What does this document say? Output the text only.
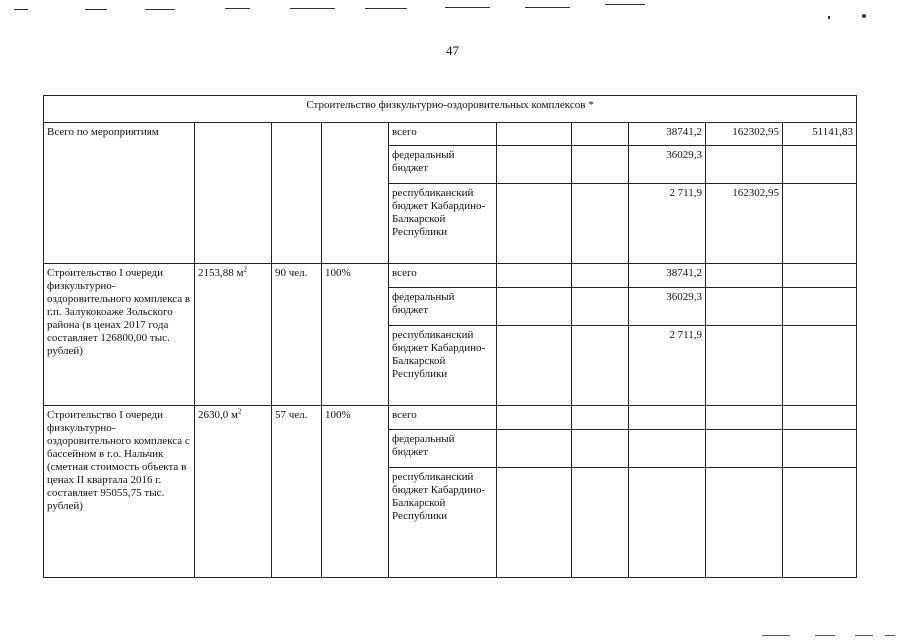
47
Строительство физкультурно-оздоровительных комплексов *									
Всего по мероприятиям				всего			38741,2	162302,95	51141,83
				федеральный бюджет			36029,3		
				республиканский бюджет Кабардино-Балкарской Республики			2 711,9	162302,95	
Строительство I очереди физкультурно-оздоровительного комплекса в г.п. Залукокоаже Зольского района (в ценах 2017 года составляет 126800,00 тыс. рублей)	2153,88 $м^2$	90 чел.	100%	всего			38741,2		
				федеральный бюджет			36029,3		
				республиканский бюджет Кабардино-Балкарской Республики			2 711,9		
Строительство I очереди физкультурно-оздоровительного комплекса с бассейном в г.о. Нальчик (сметная стоимость объекта в ценах II квартала 2016 г. составляет 95055,75 тыс. рублей)	2630,0 $м^2$	57 чел.	100%	всего					
				федеральный бюджет					
				республиканский бюджет Кабардино-Балкарской Республики					
